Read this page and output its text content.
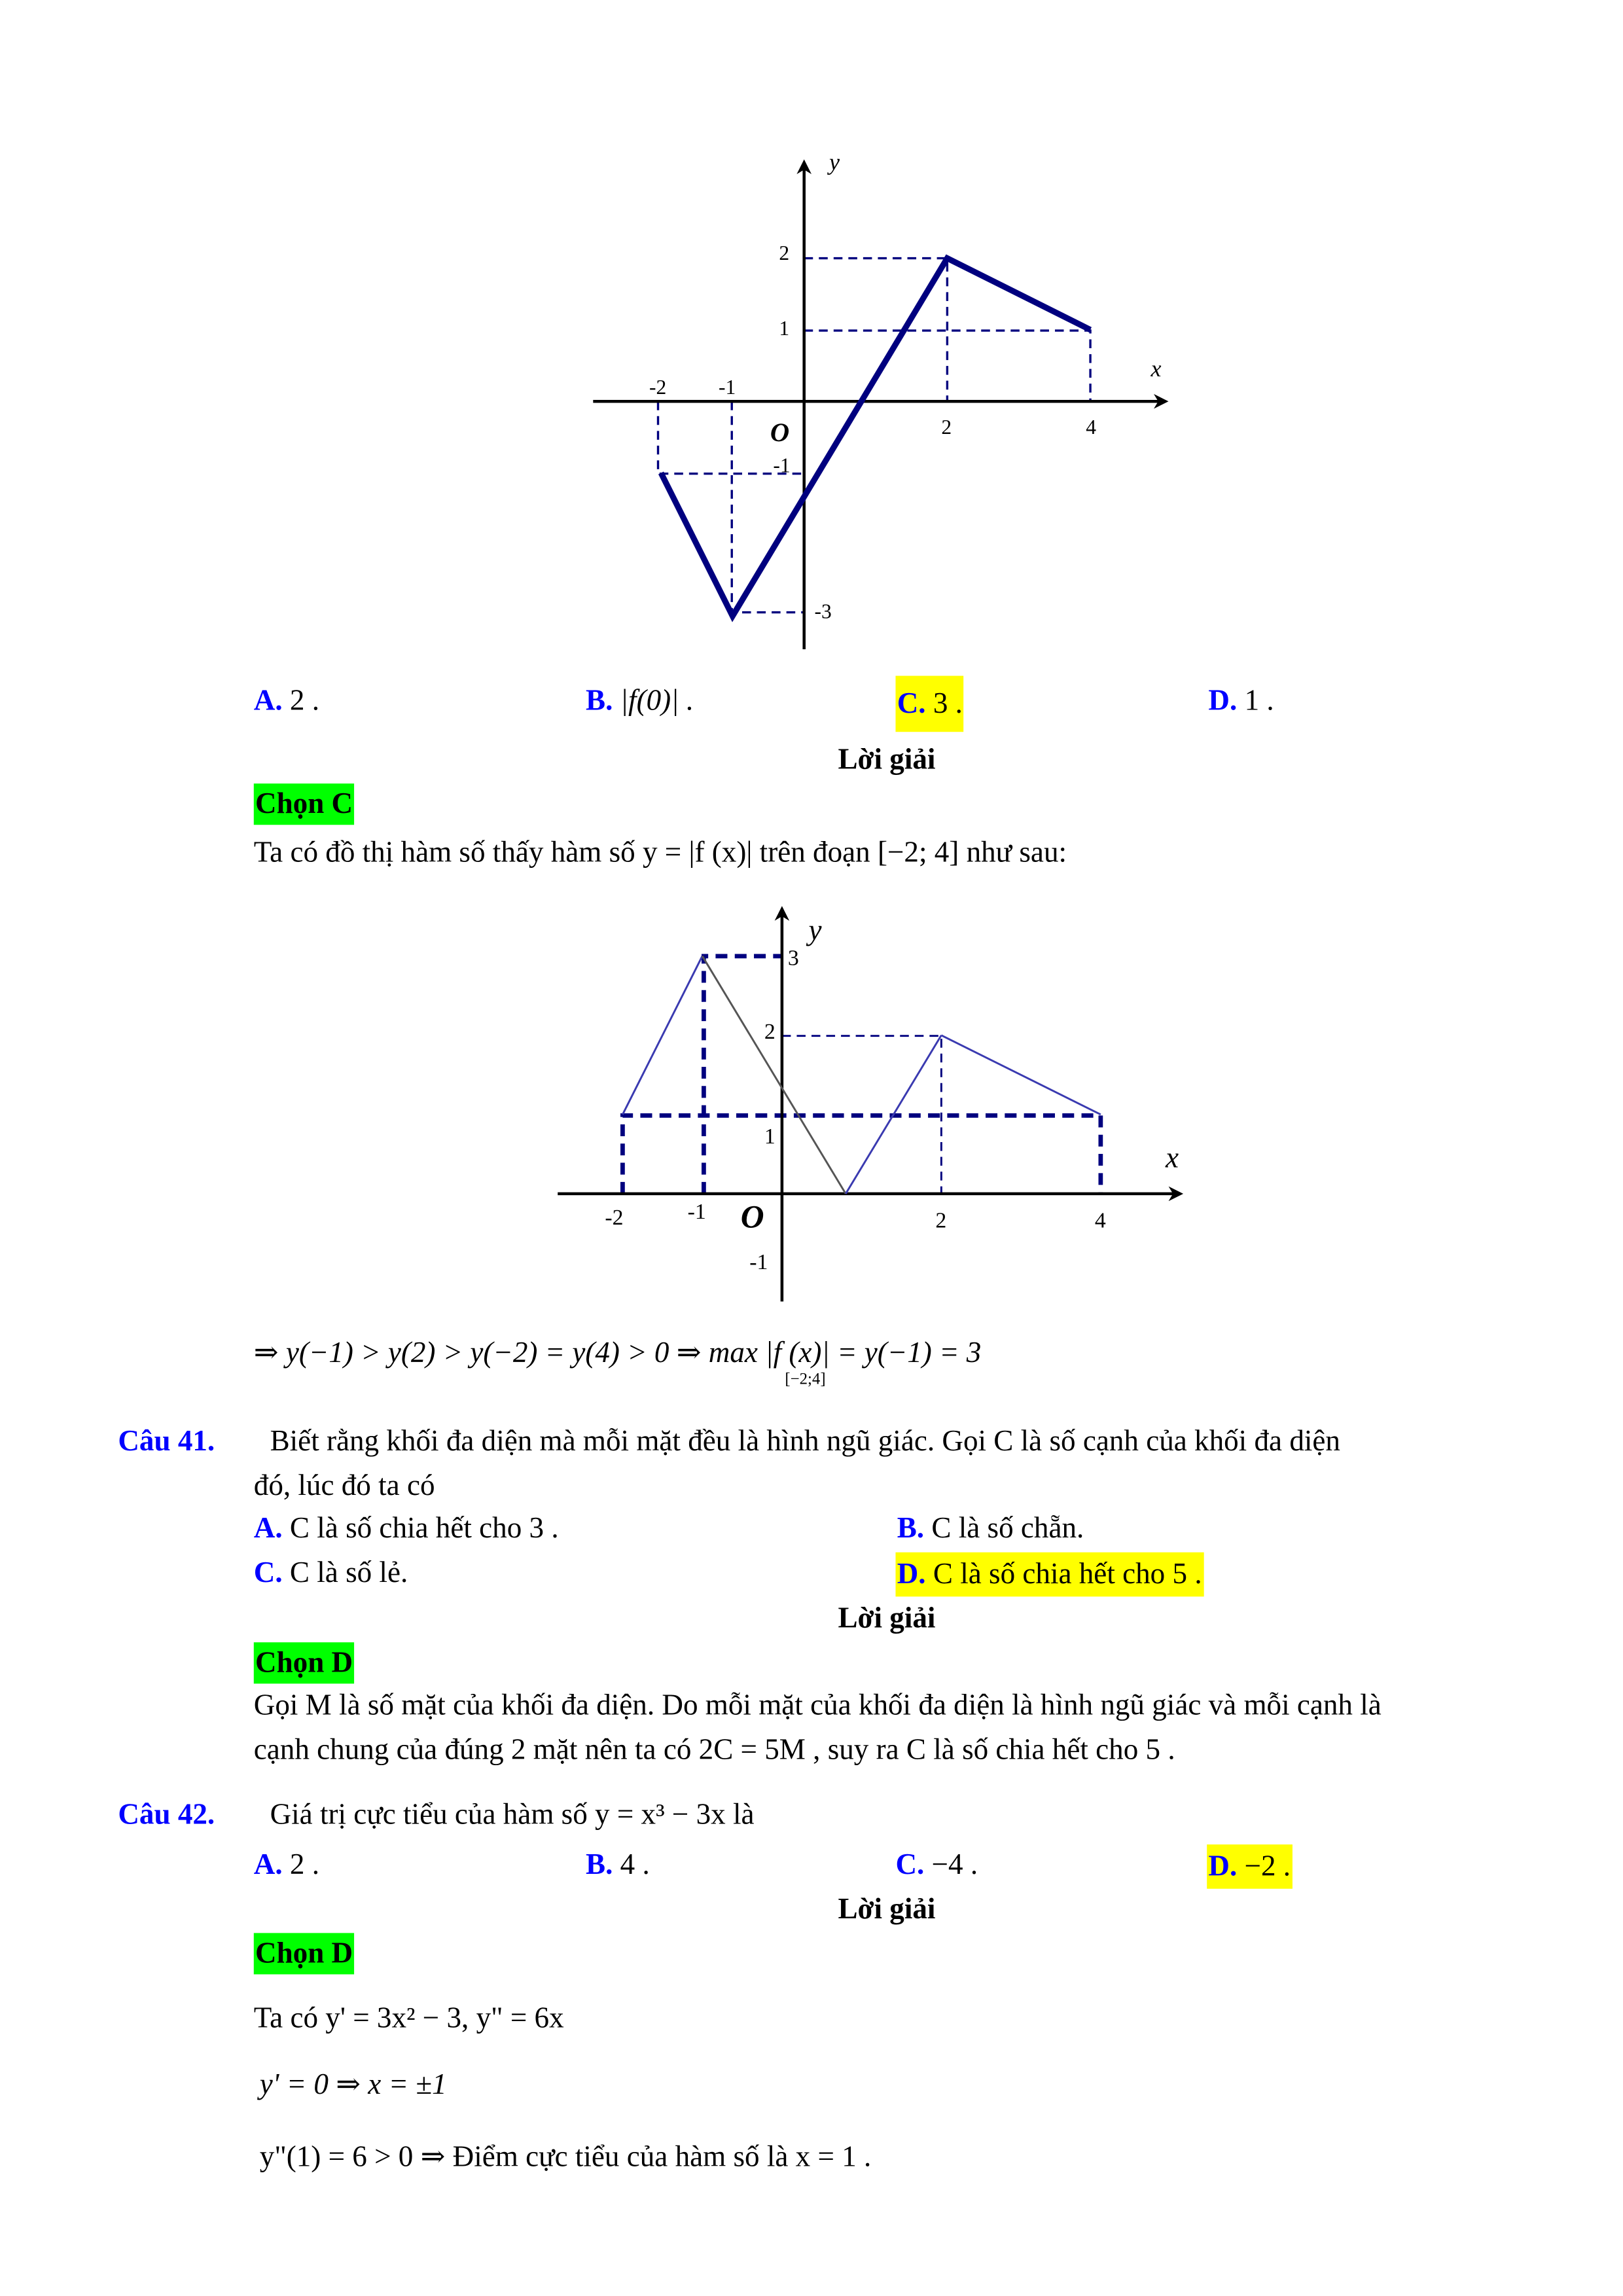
y
x
O
-2	-1
2	4
2
1
-1
-3
A. 2 .	B. |f(0)| .	C. 3 .	D. 1 .
Lời giải
Chọn C
Ta có đồ thị hàm số thấy hàm số y = |f (x)| trên đoạn [−2; 4] như sau:
y
x
O
-2	-1	2	4
3
2
1
-1
⇒ y(−1) > y(2) > y(−2) = y(4) > 0 ⇒ max |f (x)| = y(−1) = 3
[−2;4]
Câu 41.	Biết rằng khối đa diện mà mỗi mặt đều là hình ngũ giác. Gọi C là số cạnh của khối đa diện
đó, lúc đó ta có
A. C là số chia hết cho 3 .	B. C là số chẵn.
C. C là số lẻ.	D. C là số chia hết cho 5 .
Lời giải
Chọn D
Gọi M là số mặt của khối đa diện. Do mỗi mặt của khối đa diện là hình ngũ giác và mỗi cạnh là
cạnh chung của đúng 2 mặt nên ta có 2C = 5M , suy ra C là số chia hết cho 5 .
Câu 42.	Giá trị cực tiểu của hàm số y = x³ − 3x là
A. 2 .	B. 4 .	C. −4 .	D. −2 .
Lời giải
Chọn D
Ta có y' = 3x² − 3, y" = 6x
y' = 0 ⇒ x = ±1
y"(1) = 6 > 0 ⇒ Điểm cực tiểu của hàm số là x = 1 .
